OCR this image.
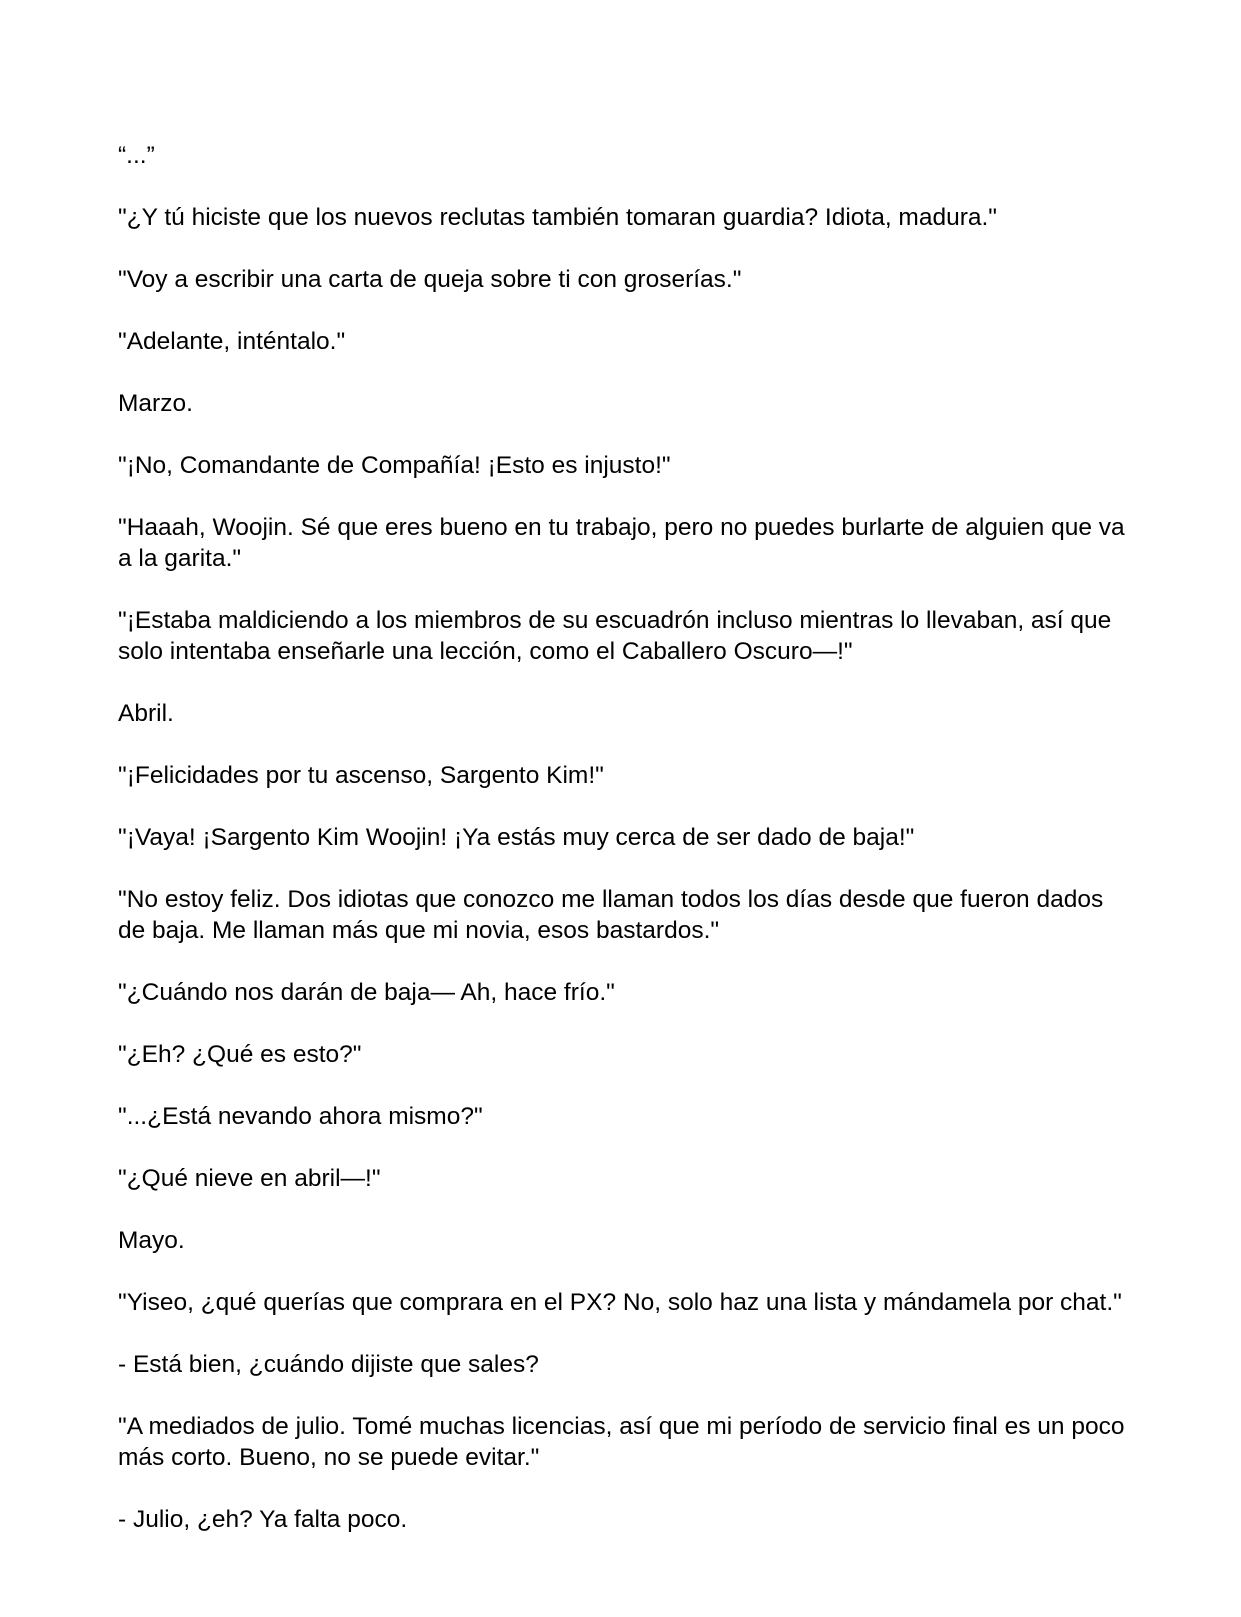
“...”

"¿Y tú hiciste que los nuevos reclutas también tomaran guardia? Idiota, madura."

"Voy a escribir una carta de queja sobre ti con groserías."

"Adelante, inténtalo."

Marzo.

"¡No, Comandante de Compañía! ¡Esto es injusto!"

"Haaah, Woojin. Sé que eres bueno en tu trabajo, pero no puedes burlarte de alguien que va a la garita."

"¡Estaba maldiciendo a los miembros de su escuadrón incluso mientras lo llevaban, así que solo intentaba enseñarle una lección, como el Caballero Oscuro—!"

Abril.

"¡Felicidades por tu ascenso, Sargento Kim!"

"¡Vaya! ¡Sargento Kim Woojin! ¡Ya estás muy cerca de ser dado de baja!"

"No estoy feliz. Dos idiotas que conozco me llaman todos los días desde que fueron dados de baja. Me llaman más que mi novia, esos bastardos."

"¿Cuándo nos darán de baja— Ah, hace frío."

"¿Eh? ¿Qué es esto?"

"...¿Está nevando ahora mismo?"

"¿Qué nieve en abril—!"

Mayo.

"Yiseo, ¿qué querías que comprara en el PX? No, solo haz una lista y mándamela por chat."

- Está bien, ¿cuándo dijiste que sales?

"A mediados de julio. Tomé muchas licencias, así que mi período de servicio final es un poco más corto. Bueno, no se puede evitar."

- Julio, ¿eh? Ya falta poco.
